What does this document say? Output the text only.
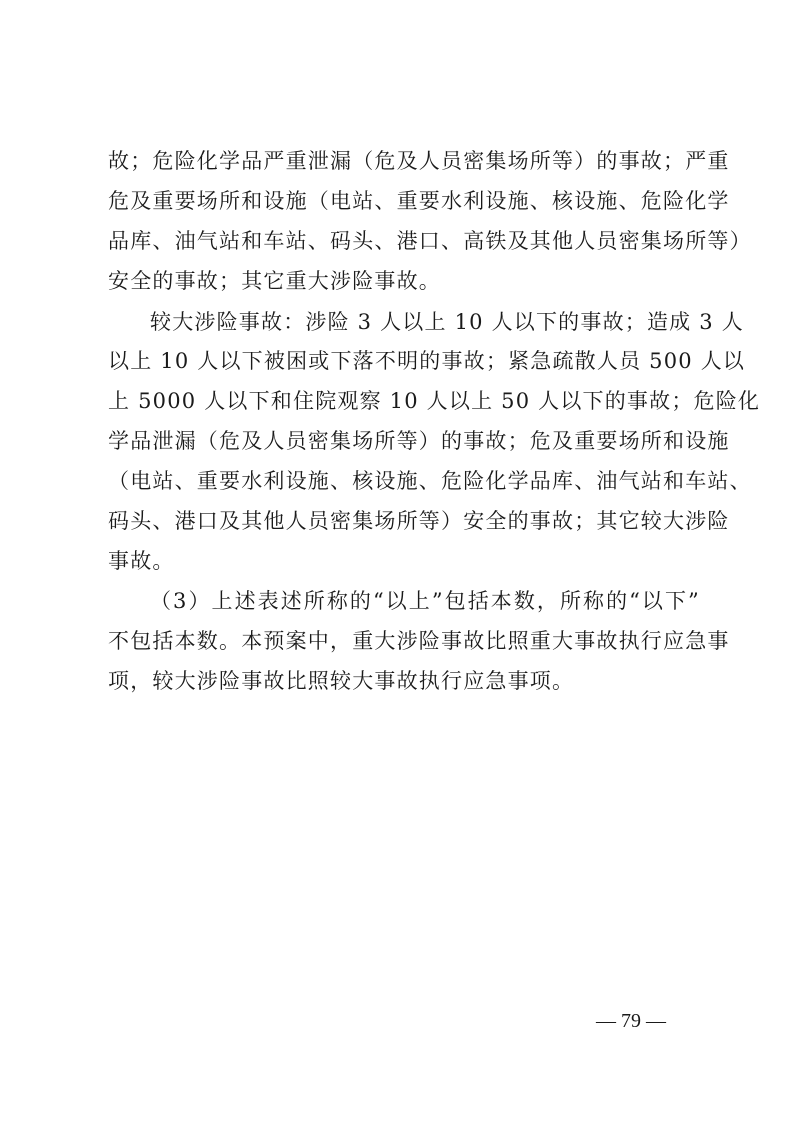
故；危险化学品严重泄漏（危及人员密集场所等）的事故；严重
危及重要场所和设施（电站、重要水利设施、核设施、危险化学
品库、油气站和车站、码头、港口、高铁及其他人员密集场所等）
安全的事故；其它重大涉险事故。
较大涉险事故：涉险 3 人以上 10 人以下的事故；造成 3 人
以上 10 人以下被困或下落不明的事故；紧急疏散人员 500 人以
上 5000 人以下和住院观察 10 人以上 50 人以下的事故；危险化
学品泄漏（危及人员密集场所等）的事故；危及重要场所和设施
（电站、重要水利设施、核设施、危险化学品库、油气站和车站、
码头、港口及其他人员密集场所等）安全的事故；其它较大涉险
事故。
（3）上述表述所称的“以上”包括本数，所称的“以下”
不包括本数。本预案中，重大涉险事故比照重大事故执行应急事
项，较大涉险事故比照较大事故执行应急事项。
— 79 —
